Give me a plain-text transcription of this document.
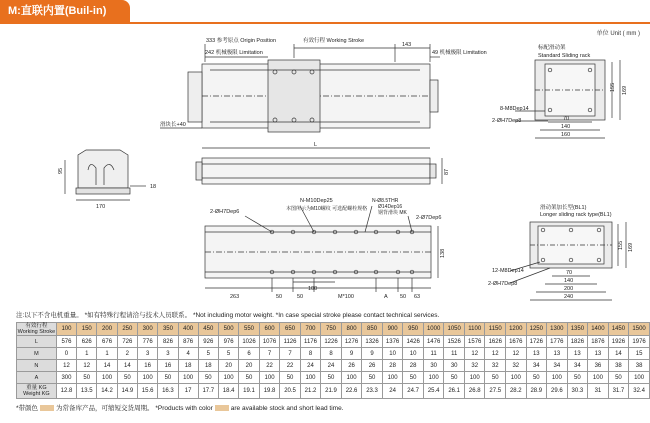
M:直联内置(Buil-in)
单位 Unit ( mm )
333 参考原点 Origin Position	有效行程 Working Stroke
143
242 机械极限 Limitation	49 机械极限 Limitation
滑块长+40
标配滑动架
Standard Sliding rack
8-M8Dep14
2-ØH7Dep8	70
140
160
155 169
95
18
170
L
87
2-ØH7Dep6
N-M10Dep25
本图所示为M10螺纹 可选配螺栓规格
N-Ø8.5THR
Ø14Dep16
钢背滑块 MK
2-Ø7Dep6
138
263	50	50
100
M*100	A 50 63
滑动架加长型(BL1)
Longer sliding rack type(BL1)
12-M8Dep14
2-ØH7Dep8
70
140
200
240
155 169
注:以下不含电机重量。 *如有特殊行程请洽与技术人员联系。 *Not including motor weight. *In case special stroke please contact technical services.
有效行程 Working Stroke	100	150	200	250	300	350	400	450	500	550	600	650	700	750	800	850	900	950	1000	1050	1100	1150	1200	1250	1300	1350	1400	1450	1500
L	576	626	676	726	776	826	876	926	976	1026	1076	1126	1176	1226	1276	1326	1376	1426	1476	1526	1576	1626	1676	1726	1776	1826	1876	1926	1976
M	0	1	1	2	3	3	4	5	5	6	7	7	8	8	9	9	10	10	11	11	12	12	12	13	13	13	13	14	15
N	12	12	14	14	16	16	18	18	20	20	22	22	24	24	26	26	28	28	30	30	32	32	32	34	34	34	36	38	38
A	300	50	100	50	100	50	100	50	100	50	100	50	100	50	100	50	100	50	100	50	100	50	100	50	100	50	100	50	100
重量 KG Weight KG	12.8	13.5	14.2	14.9	15.6	16.3	17	17.7	18.4	19.1	19.8	20.5	21.2	21.9	22.6	23.3	24	24.7	25.4	26.1	26.8	27.5	28.2	28.9	29.6	30.3	31	31.7	32.4
*带颜色	为常备库产品，可缩短交货周期。 *Products with color	are available stock and short lead time.
